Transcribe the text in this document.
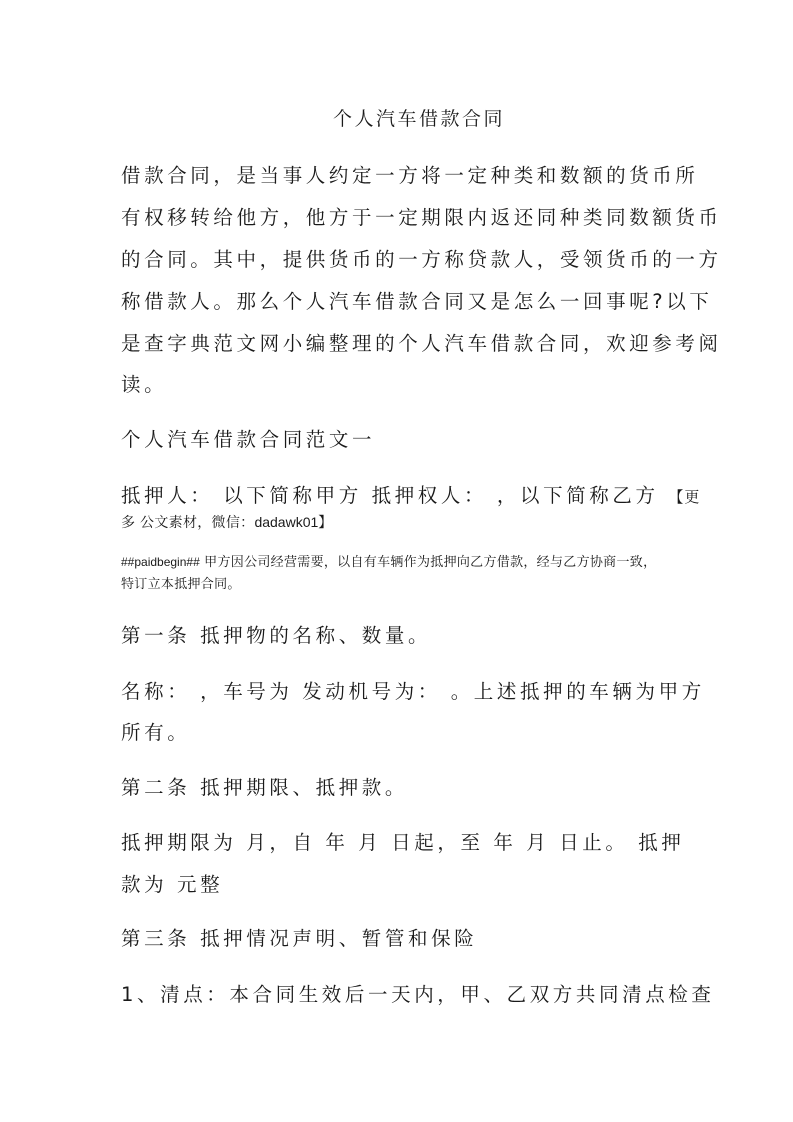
个人汽车借款合同
借款合同，是当事人约定一方将一定种类和数额的货币所
有权移转给他方，他方于一定期限内返还同种类同数额货币
的合同。其中，提供货币的一方称贷款人，受领货币的一方
称借款人。那么个人汽车借款合同又是怎么一回事呢?以下
是查字典范文网小编整理的个人汽车借款合同，欢迎参考阅
读。
个人汽车借款合同范文一
抵押人： 以下简称甲方 抵押权人： ，以下简称乙方 【更
多 公文素材，微信：dadawk01】
##paidbegin## 甲方因公司经营需要，以自有车辆作为抵押向乙方借款，经与乙方协商一致，
特订立本抵押合同。
第一条 抵押物的名称、数量。
名称： ，车号为 发动机号为： 。上述抵押的车辆为甲方
所有。
第二条 抵押期限、抵押款。
抵押期限为 月，自 年 月 日起，至 年 月 日止。 抵押
款为 元整
第三条 抵押情况声明、暂管和保险
1、清点：本合同生效后一天内，甲、乙双方共同清点检查
